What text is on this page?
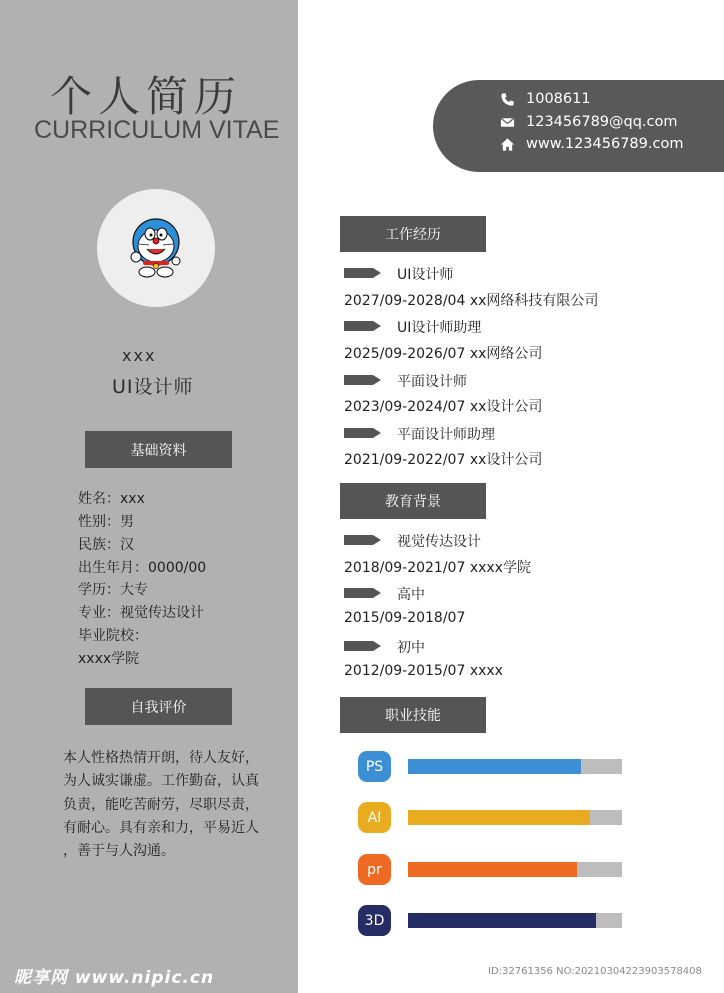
个人简历
CURRICULUM VITAE
xxx
UI设计师
基础资料
姓名：xxx
性别：男
民族：汉
出生年月：0000/00
学历：大专
专业：视觉传达设计
毕业院校：
xxxx学院
自我评价
本人性格热情开朗，待人友好，
为人诚实谦虚。工作勤奋，认真
负责，能吃苦耐劳，尽职尽责，
有耐心。具有亲和力，平易近人
，善于与人沟通。
1008611
123456789@qq.com
www.123456789.com
工作经历
UI设计师
2027/09-2028/04 xx网络科技有限公司
UI设计师助理
2025/09-2026/07 xx网络公司
平面设计师
2023/09-2024/07 xx设计公司
平面设计师助理
2021/09-2022/07 xx设计公司
教育背景
视觉传达设计
2018/09-2021/07 xxxx学院
高中
2015/09-2018/07
初中
2012/09-2015/07 xxxx
职业技能
PS
AI
pr
3D
昵享网 www.nipic.cn	ID:32761356 NO:20210304223903578408
